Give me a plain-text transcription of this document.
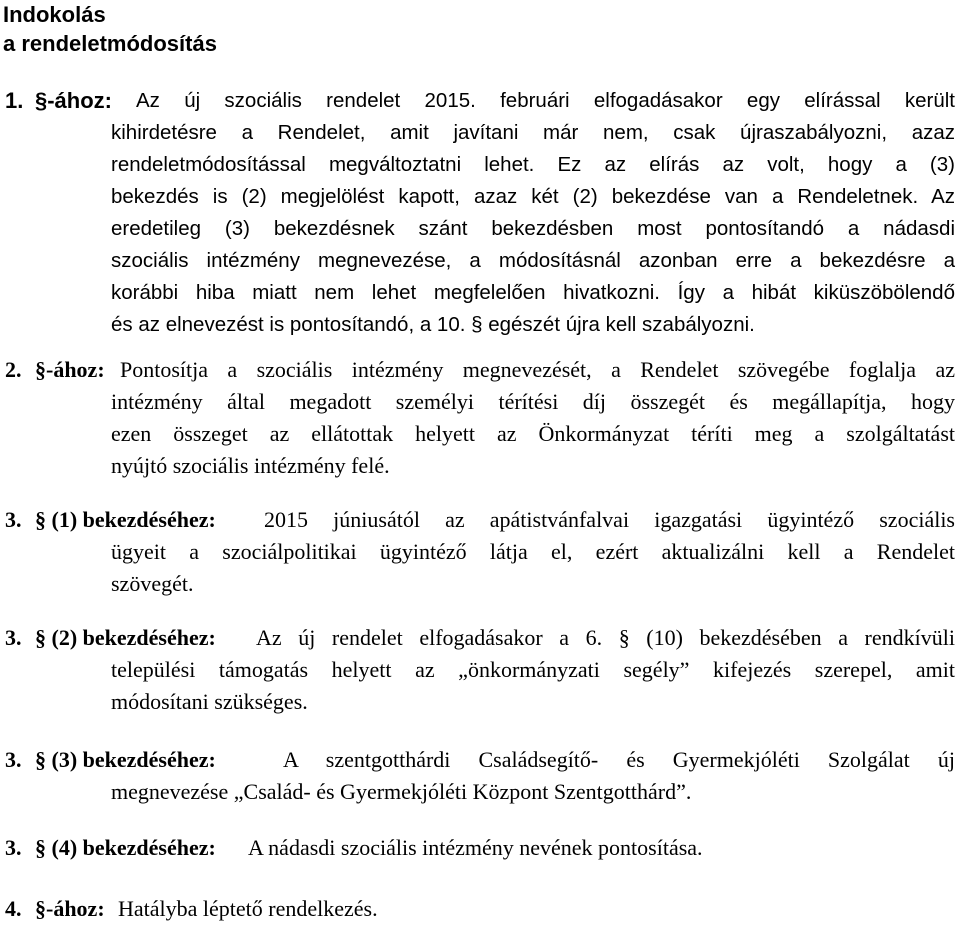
Indokolás
a rendeletmódosítás
1. §-ához: Az új szociális rendelet 2015. februári elfogadásakor egy elírással került
kihirdetésre a Rendelet, amit javítani már nem, csak újraszabályozni, azaz
rendeletmódosítással megváltoztatni lehet. Ez az elírás az volt, hogy a (3)
bekezdés is (2) megjelölést kapott, azaz két (2) bekezdése van a Rendeletnek. Az
eredetileg (3) bekezdésnek szánt bekezdésben most pontosítandó a nádasdi
szociális intézmény megnevezése, a módosításnál azonban erre a bekezdésre a
korábbi hiba miatt nem lehet megfelelően hivatkozni. Így a hibát kiküszöbölendő
és az elnevezést is pontosítandó, a 10. § egészét újra kell szabályozni.
2. §-ához: Pontosítja a szociális intézmény megnevezését, a Rendelet szövegébe foglalja az
intézmény által megadott személyi térítési díj összegét és megállapítja, hogy
ezen összeget az ellátottak helyett az Önkormányzat téríti meg a szolgáltatást
nyújtó szociális intézmény felé.
3. § (1) bekezdéséhez: 2015 júniusától az apátistvánfalvai igazgatási ügyintéző szociális
ügyeit a szociálpolitikai ügyintéző látja el, ezért aktualizálni kell a Rendelet
szövegét.
3. § (2) bekezdéséhez: Az új rendelet elfogadásakor a 6. § (10) bekezdésében a rendkívüli
települési támogatás helyett az „önkormányzati segély” kifejezés szerepel, amit
módosítani szükséges.
3. § (3) bekezdéséhez:	A szentgotthárdi Családsegítő- és Gyermekjóléti Szolgálat új
megnevezése „Család- és Gyermekjóléti Központ Szentgotthárd”.
3. § (4) bekezdéséhez: A nádasdi szociális intézmény nevének pontosítása.
4. §-ához: Hatályba léptető rendelkezés.
